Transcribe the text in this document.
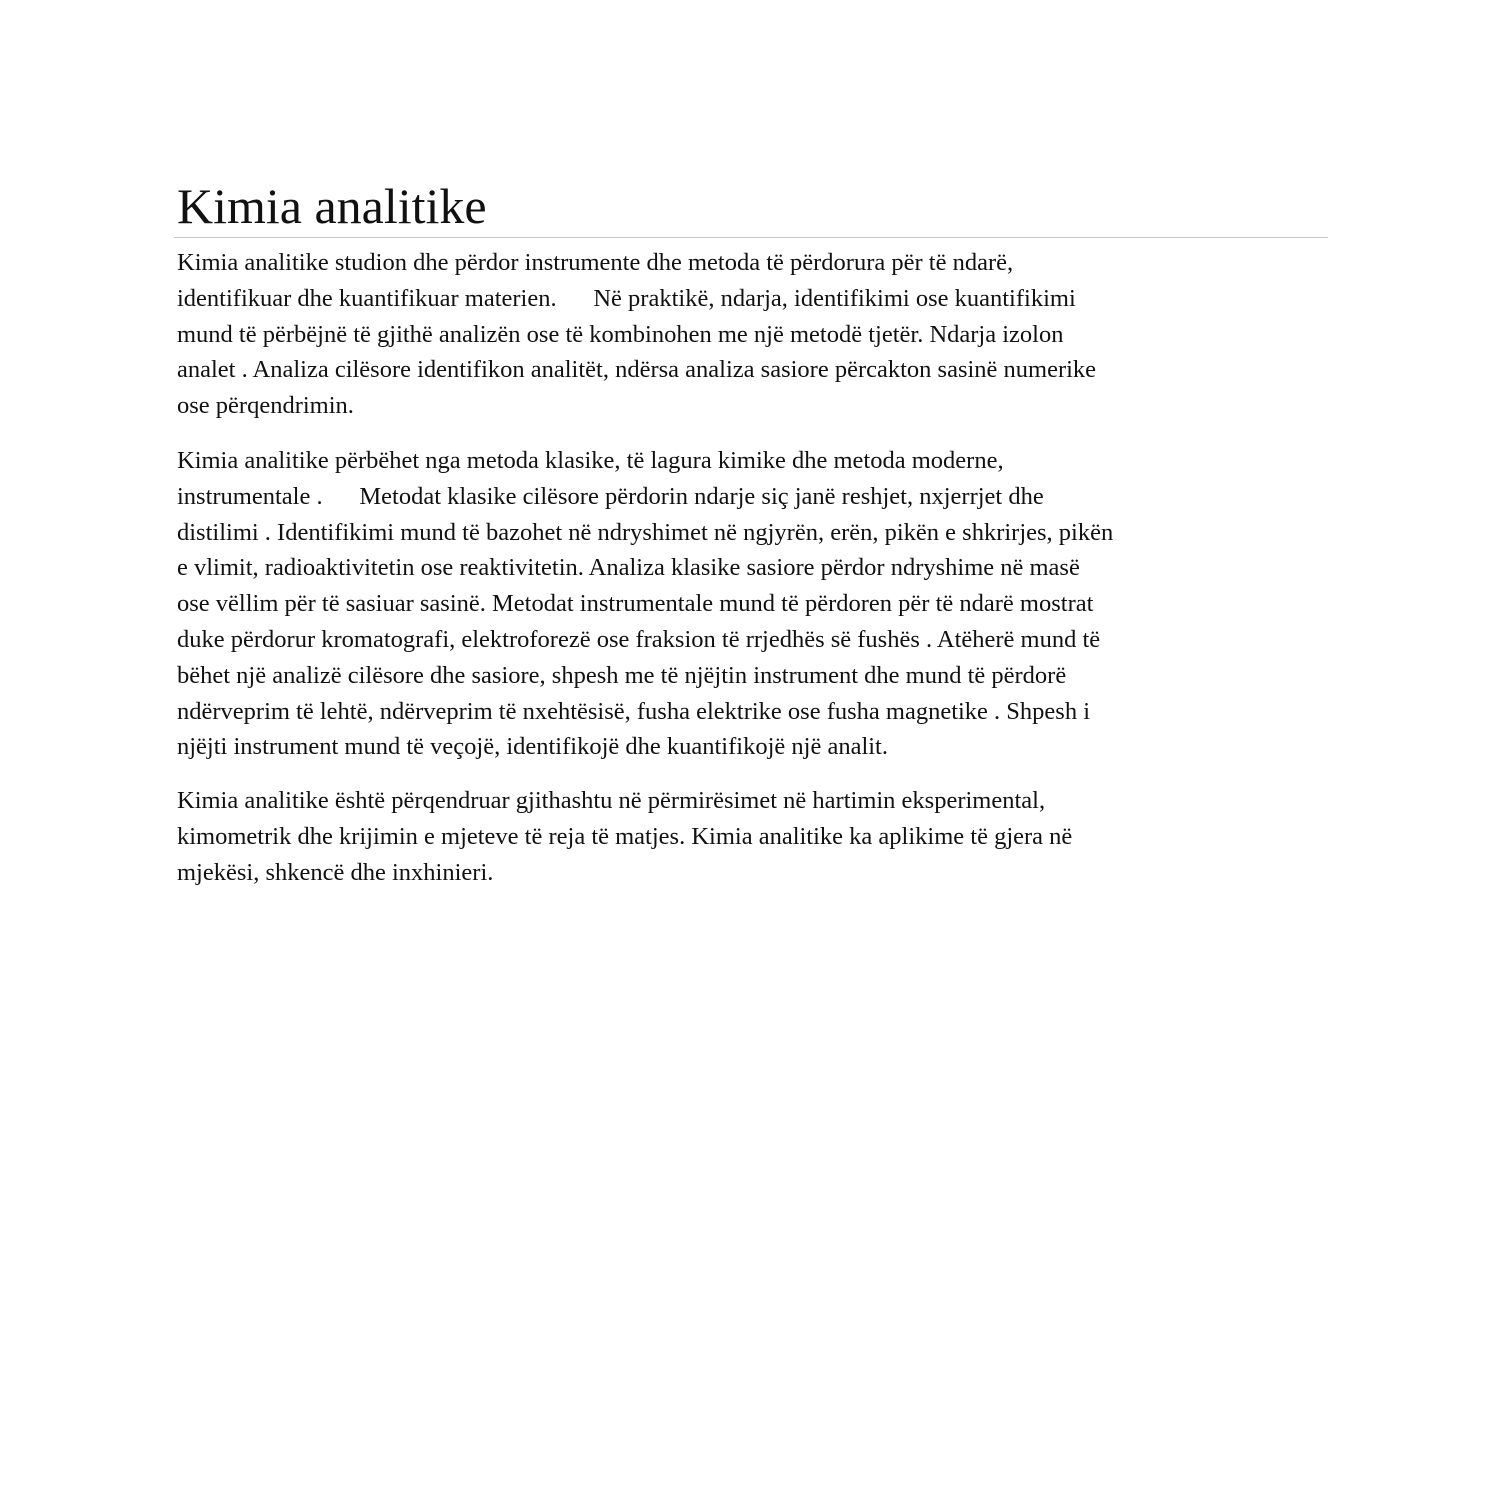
Kimia analitike
Kimia analitike studion dhe përdor instrumente dhe metoda të përdorura për të ndarë,
identifikuar dhe kuantifikuar materien.      Në praktikë, ndarja, identifikimi ose kuantifikimi
mund të përbëjnë të gjithë analizën ose të kombinohen me një metodë tjetër. Ndarja izolon
analet . Analiza cilësore identifikon analitët, ndërsa analiza sasiore përcakton sasinë numerike
ose përqendrimin.
Kimia analitike përbëhet nga metoda klasike, të lagura kimike dhe metoda moderne,
instrumentale .      Metodat klasike cilësore përdorin ndarje siç janë reshjet, nxjerrjet dhe
distilimi . Identifikimi mund të bazohet në ndryshimet në ngjyrën, erën, pikën e shkrirjes, pikën
e vlimit, radioaktivitetin ose reaktivitetin. Analiza klasike sasiore përdor ndryshime në masë
ose vëllim për të sasiuar sasinë. Metodat instrumentale mund të përdoren për të ndarë mostrat
duke përdorur kromatografi, elektroforezë ose fraksion të rrjedhës së fushës . Atëherë mund të
bëhet një analizë cilësore dhe sasiore, shpesh me të njëjtin instrument dhe mund të përdorë
ndërveprim të lehtë, ndërveprim të nxehtësisë, fusha elektrike ose fusha magnetike . Shpesh i
njëjti instrument mund të veçojë, identifikojë dhe kuantifikojë një analit.
Kimia analitike është përqendruar gjithashtu në përmirësimet në hartimin eksperimental,
kimometrik dhe krijimin e mjeteve të reja të matjes. Kimia analitike ka aplikime të gjera në
mjekësi, shkencë dhe inxhinieri.
